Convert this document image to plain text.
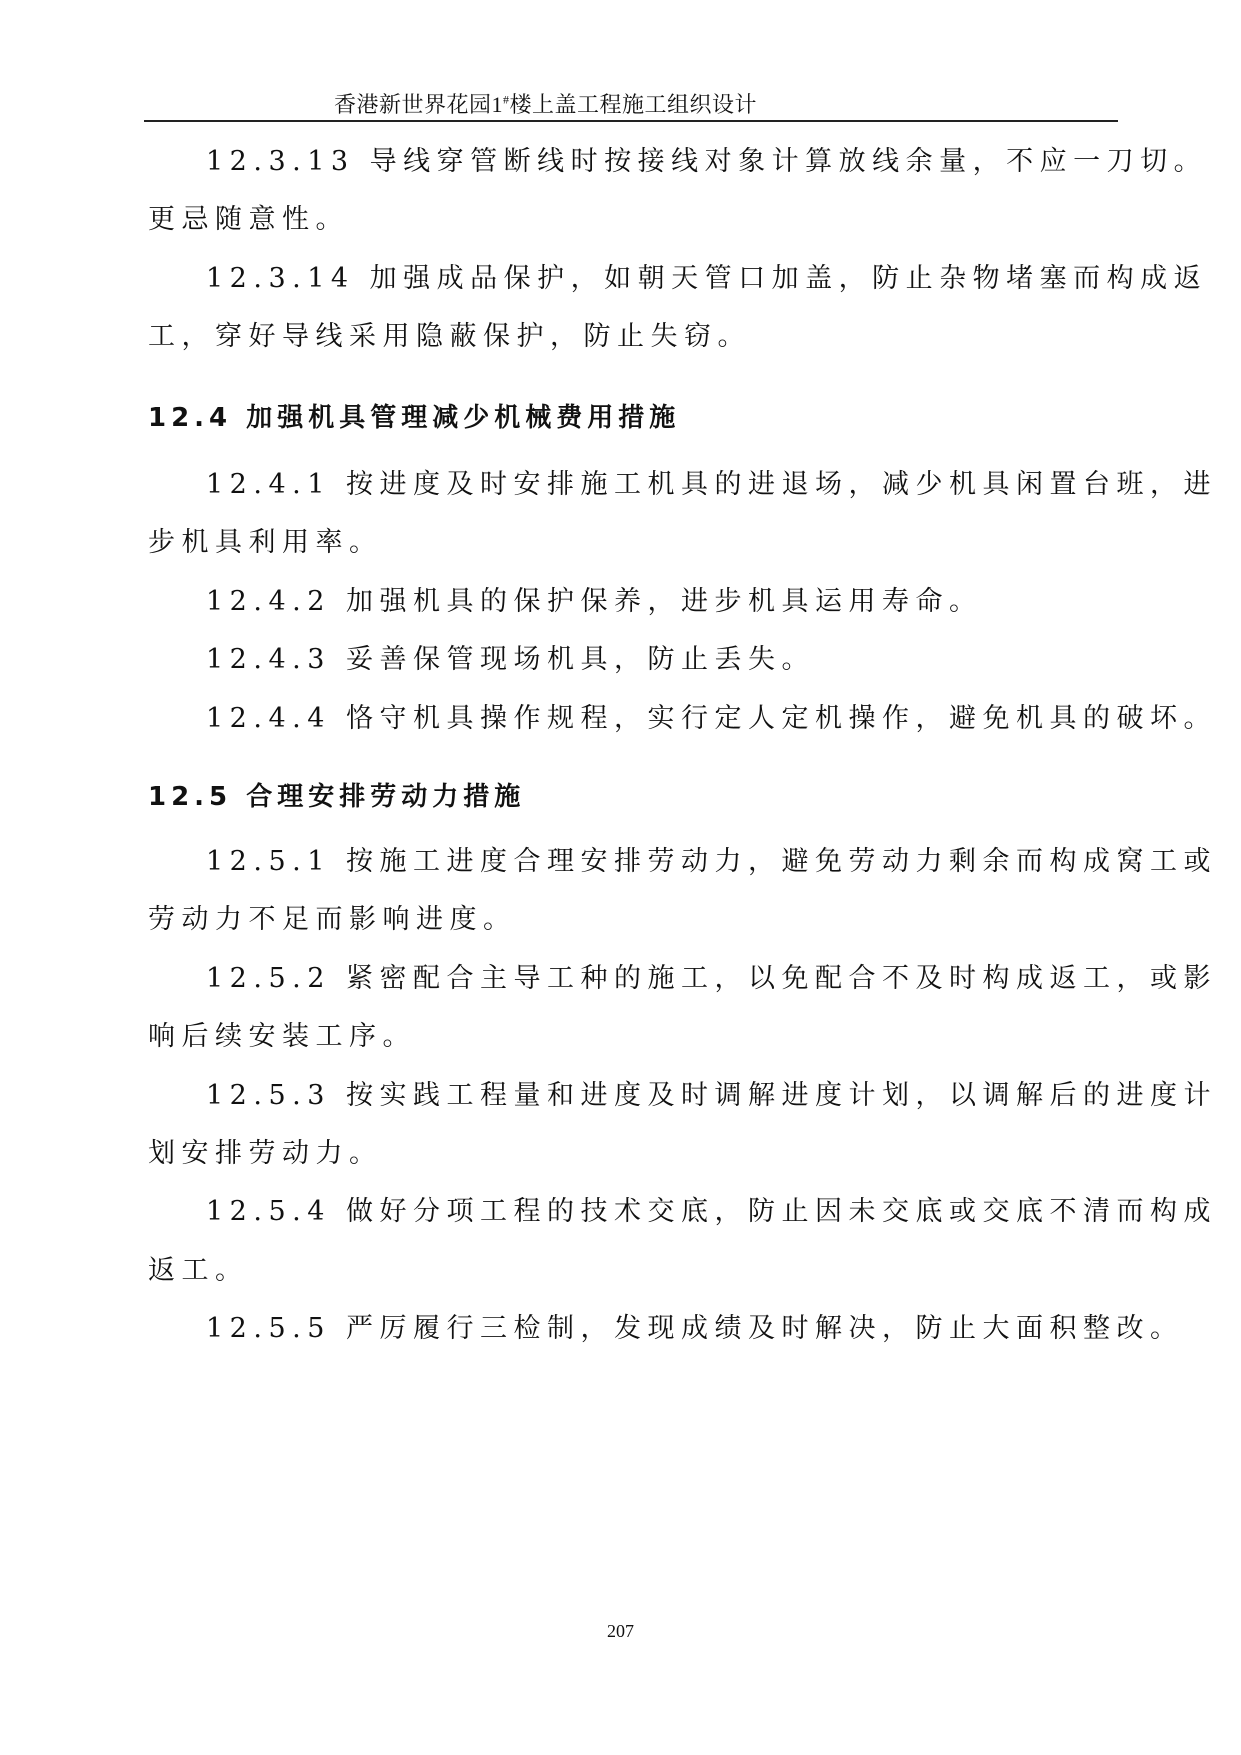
香港新世界花园1#楼上盖工程施工组织设计
12.3.13 导线穿管断线时按接线对象计算放线余量，不应一刀切。
更忌随意性。
12.3.14 加强成品保护，如朝天管口加盖，防止杂物堵塞而构成返
工，穿好导线采用隐蔽保护，防止失窃。
12.4 加强机具管理减少机械费用措施
12.4.1 按进度及时安排施工机具的进退场，减少机具闲置台班，进
步机具利用率。
12.4.2 加强机具的保护保养，进步机具运用寿命。
12.4.3 妥善保管现场机具，防止丢失。
12.4.4 恪守机具操作规程，实行定人定机操作，避免机具的破坏。
12.5 合理安排劳动力措施
12.5.1 按施工进度合理安排劳动力，避免劳动力剩余而构成窝工或
劳动力不足而影响进度。
12.5.2 紧密配合主导工种的施工，以免配合不及时构成返工，或影
响后续安装工序。
12.5.3 按实践工程量和进度及时调解进度计划，以调解后的进度计
划安排劳动力。
12.5.4 做好分项工程的技术交底，防止因未交底或交底不清而构成
返工。
12.5.5 严厉履行三检制，发现成绩及时解决，防止大面积整改。
207
